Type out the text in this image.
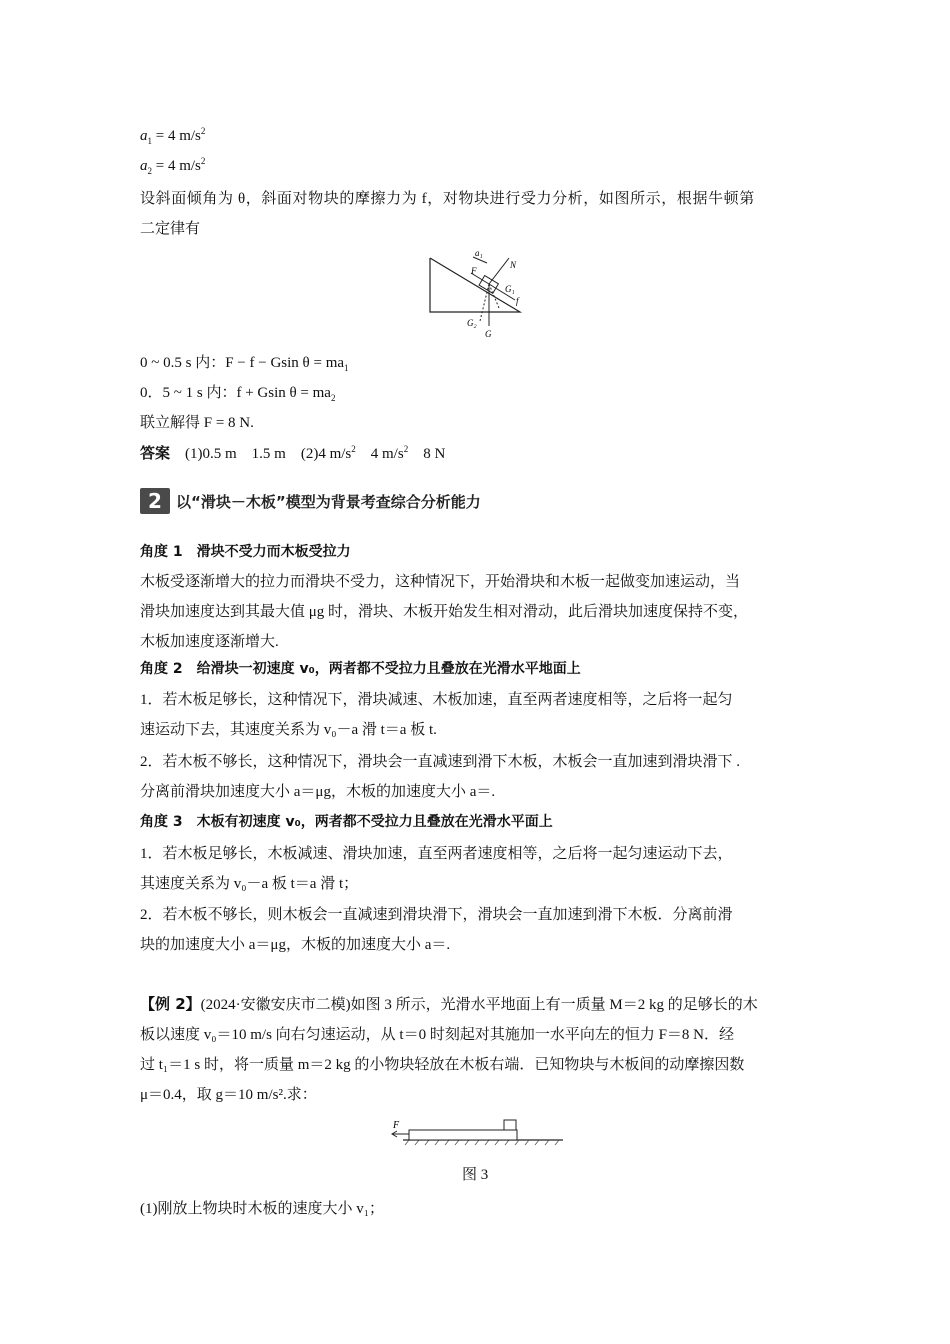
$a_1 = 4$ $m/s^2$
$a_2 = 4$ $m/s^2$
设斜面倾角为 θ，斜面对物块的摩擦力为 f，对物块进行受力分析，如图所示，根据牛顿第
二定律有
a₁
F
N
G₁
f
G₂
G
0 ~ 0.5 s 内：F − f − Gsin $\theta = ma_1$
0．5 ~ 1 s 内：f + Gsin $\theta = ma_2$
联立解得 F = 8 N.
答案 (1)0.5 m　1.5 m　(2)4 $m/s^2$　4 $m/s^2$　8 N
2 以“滑块－木板”模型为背景考查综合分析能力
角度 1　滑块不受力而木板受拉力
木板受逐渐增大的拉力而滑块不受力，这种情况下，开始滑块和木板一起做变加速运动，当
滑块加速度达到其最大值 μg 时，滑块、木板开始发生相对滑动，此后滑块加速度保持不变，
木板加速度逐渐增大.
角度 2　给滑块一初速度 v₀，两者都不受拉力且叠放在光滑水平地面上
1．若木板足够长，这种情况下，滑块减速、木板加速，直至两者速度相等，之后将一起匀
速运动下去，其速度关系为 v₀－a 滑 t＝a 板 t.
2．若木板不够长，这种情况下，滑块会一直减速到滑下木板，木板会一直加速到滑块滑下 .
分离前滑块加速度大小 a＝μg，木板的加速度大小 a＝.
角度 3　木板有初速度 v₀，两者都不受拉力且叠放在光滑水平面上
1．若木板足够长，木板减速、滑块加速，直至两者速度相等，之后将一起匀速运动下去，
其速度关系为 v₀－a 板 t＝a 滑 t；
2．若木板不够长，则木板会一直减速到滑块滑下，滑块会一直加速到滑下木板．分离前滑
块的加速度大小 a＝μg，木板的加速度大小 a＝.
【例 2】(2024·安徽安庆市二模)如图 3 所示，光滑水平地面上有一质量 M＝2 kg 的足够长的木
板以速度 v₀＝10 m/s 向右匀速运动，从 t＝0 时刻起对其施加一水平向左的恒力 F＝8 N．经
过 t₁＝1 s 时，将一质量 m＝2 kg 的小物块轻放在木板右端．已知物块与木板间的动摩擦因数
μ＝0.4，取 g＝10 m/s².求：
F
图 3
(1)刚放上物块时木板的速度大小 v₁；
